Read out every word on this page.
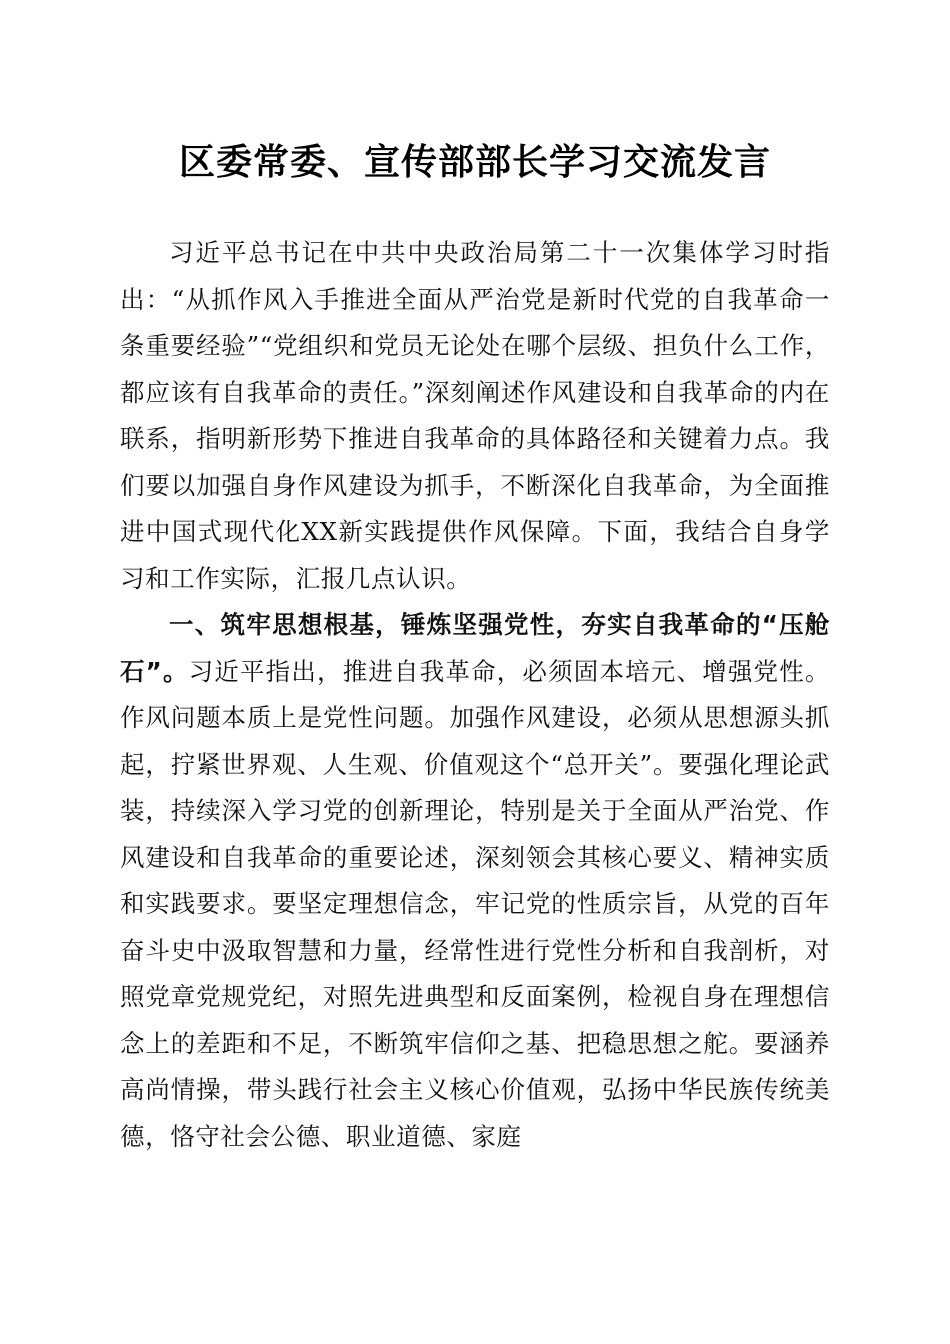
区委常委、宣传部部长学习交流发言

习近平总书记在中共中央政治局第二十一次集体学习时指出：“从抓作风入手推进全面从严治党是新时代党的自我革命一条重要经验”“党组织和党员无论处在哪个层级、担负什么工作，都应该有自我革命的责任。”深刻阐述作风建设和自我革命的内在联系，指明新形势下推进自我革命的具体路径和关键着力点。我们要以加强自身作风建设为抓手，不断深化自我革命，为全面推进中国式现代化XX新实践提供作风保障。下面，我结合自身学习和工作实际，汇报几点认识。

一、筑牢思想根基，锤炼坚强党性，夯实自我革命的“压舱石”。习近平指出，推进自我革命，必须固本培元、增强党性。作风问题本质上是党性问题。加强作风建设，必须从思想源头抓起，拧紧世界观、人生观、价值观这个“总开关”。要强化理论武装，持续深入学习党的创新理论，特别是关于全面从严治党、作风建设和自我革命的重要论述，深刻领会其核心要义、精神实质和实践要求。要坚定理想信念，牢记党的性质宗旨，从党的百年奋斗史中汲取智慧和力量，经常性进行党性分析和自我剖析，对照党章党规党纪，对照先进典型和反面案例，检视自身在理想信念上的差距和不足，不断筑牢信仰之基、把稳思想之舵。要涵养高尚情操，带头践行社会主义核心价值观，弘扬中华民族传统美德，恪守社会公德、职业道德、家庭
